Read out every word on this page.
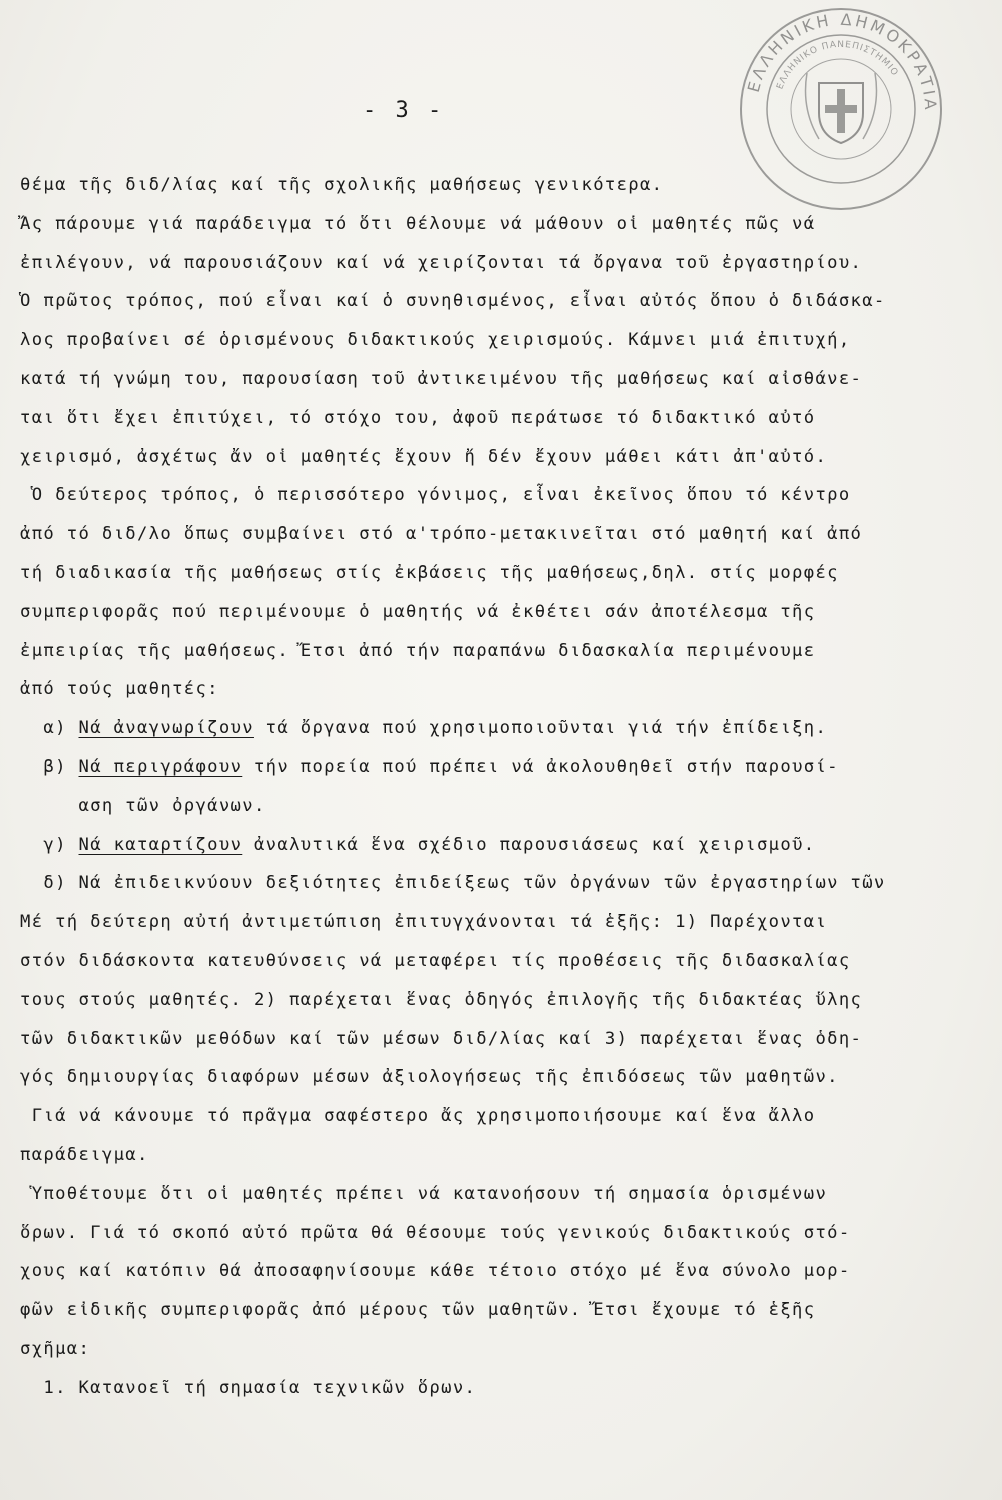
- 3 -
ΕΛΛΗΝΙΚΗ ΔΗΜΟΚΡΑΤΙΑ
ΕΛΛΗΝΙΚΟ ΠΑΝΕΠΙΣΤΗΜΙΟ
θέμα τῆς διδ/λίας καί τῆς σχολικῆς μαθήσεως γενικότερα.
Ἄς πάρουμε γιά παράδειγμα τό ὅτι θέλουμε νά μάθουν οἱ μαθητές πῶς νά
ἐπιλέγουν, νά παρουσιάζουν καί νά χειρίζονται τά ὄργανα τοῦ ἐργαστηρίου.
Ὁ πρῶτος τρόπος, πού εἶναι καί ὁ συνηθισμένος, εἶναι αὐτός ὅπου ὁ διδάσκα-
λος προβαίνει σέ ὁρισμένους διδακτικούς χειρισμούς. Κάμνει μιά ἐπιτυχή,
κατά τή γνώμη του, παρουσίαση τοῦ ἀντικειμένου τῆς μαθήσεως καί αἰσθάνε-
ται ὅτι ἔχει ἐπιτύχει, τό στόχο του, ἀφοῦ περάτωσε τό διδακτικό αὐτό
χειρισμό, ἀσχέτως ἄν οἱ μαθητές ἔχουν ἤ δέν ἔχουν μάθει κάτι ἀπ'αὐτό.
Ὁ δεύτερος τρόπος, ὁ περισσότερο γόνιμος, εἶναι ἐκεῖνος ὅπου τό κέντρο
ἀπό τό διδ/λο ὅπως συμβαίνει στό α'τρόπο-μετακινεῖται στό μαθητή καί ἀπό
τή διαδικασία τῆς μαθήσεως στίς ἐκβάσεις τῆς μαθήσεως,δηλ. στίς μορφές
συμπεριφορᾶς πού περιμένουμε ὁ μαθητής νά ἐκθέτει σάν ἀποτέλεσμα τῆς
ἐμπειρίας τῆς μαθήσεως. Ἔτσι ἀπό τήν παραπάνω διδασκαλία περιμένουμε
ἀπό τούς μαθητές:
α) Νά ἀναγνωρίζουν τά ὄργανα πού χρησιμοποιοῦνται γιά τήν ἐπίδειξη.
β) Νά περιγράφουν τήν πορεία πού πρέπει νά ἀκολουθηθεῖ στήν παρουσί-
αση τῶν ὀργάνων.
γ) Νά καταρτίζουν ἀναλυτικά ἕνα σχέδιο παρουσιάσεως καί χειρισμοῦ.
δ) Νά ἐπιδεικνύουν δεξιότητες ἐπιδείξεως τῶν ὀργάνων τῶν ἐργαστηρίων τῶν
Μέ τή δεύτερη αὐτή ἀντιμετώπιση ἐπιτυγχάνονται τά ἑξῆς: 1) Παρέχονται
στόν διδάσκοντα κατευθύνσεις νά μεταφέρει τίς προθέσεις τῆς διδασκαλίας
τους στούς μαθητές. 2) παρέχεται ἕνας ὁδηγός ἐπιλογῆς τῆς διδακτέας ὕλης
τῶν διδακτικῶν μεθόδων καί τῶν μέσων διδ/λίας καί 3) παρέχεται ἕνας ὁδη-
γός δημιουργίας διαφόρων μέσων ἀξιολογήσεως τῆς ἐπιδόσεως τῶν μαθητῶν.
Γιά νά κάνουμε τό πρᾶγμα σαφέστερο ἄς χρησιμοποιήσουμε καί ἕνα ἄλλο
παράδειγμα.
Ὑποθέτουμε ὅτι οἱ μαθητές πρέπει νά κατανοήσουν τή σημασία ὁρισμένων
ὅρων. Γιά τό σκοπό αὐτό πρῶτα θά θέσουμε τούς γενικούς διδακτικούς στό-
χους καί κατόπιν θά ἀποσαφηνίσουμε κάθε τέτοιο στόχο μέ ἕνα σύνολο μορ-
φῶν εἰδικῆς συμπεριφορᾶς ἀπό μέρους τῶν μαθητῶν. Ἔτσι ἔχουμε τό ἑξῆς
σχῆμα:
1. Κατανοεῖ τή σημασία τεχνικῶν ὅρων.
